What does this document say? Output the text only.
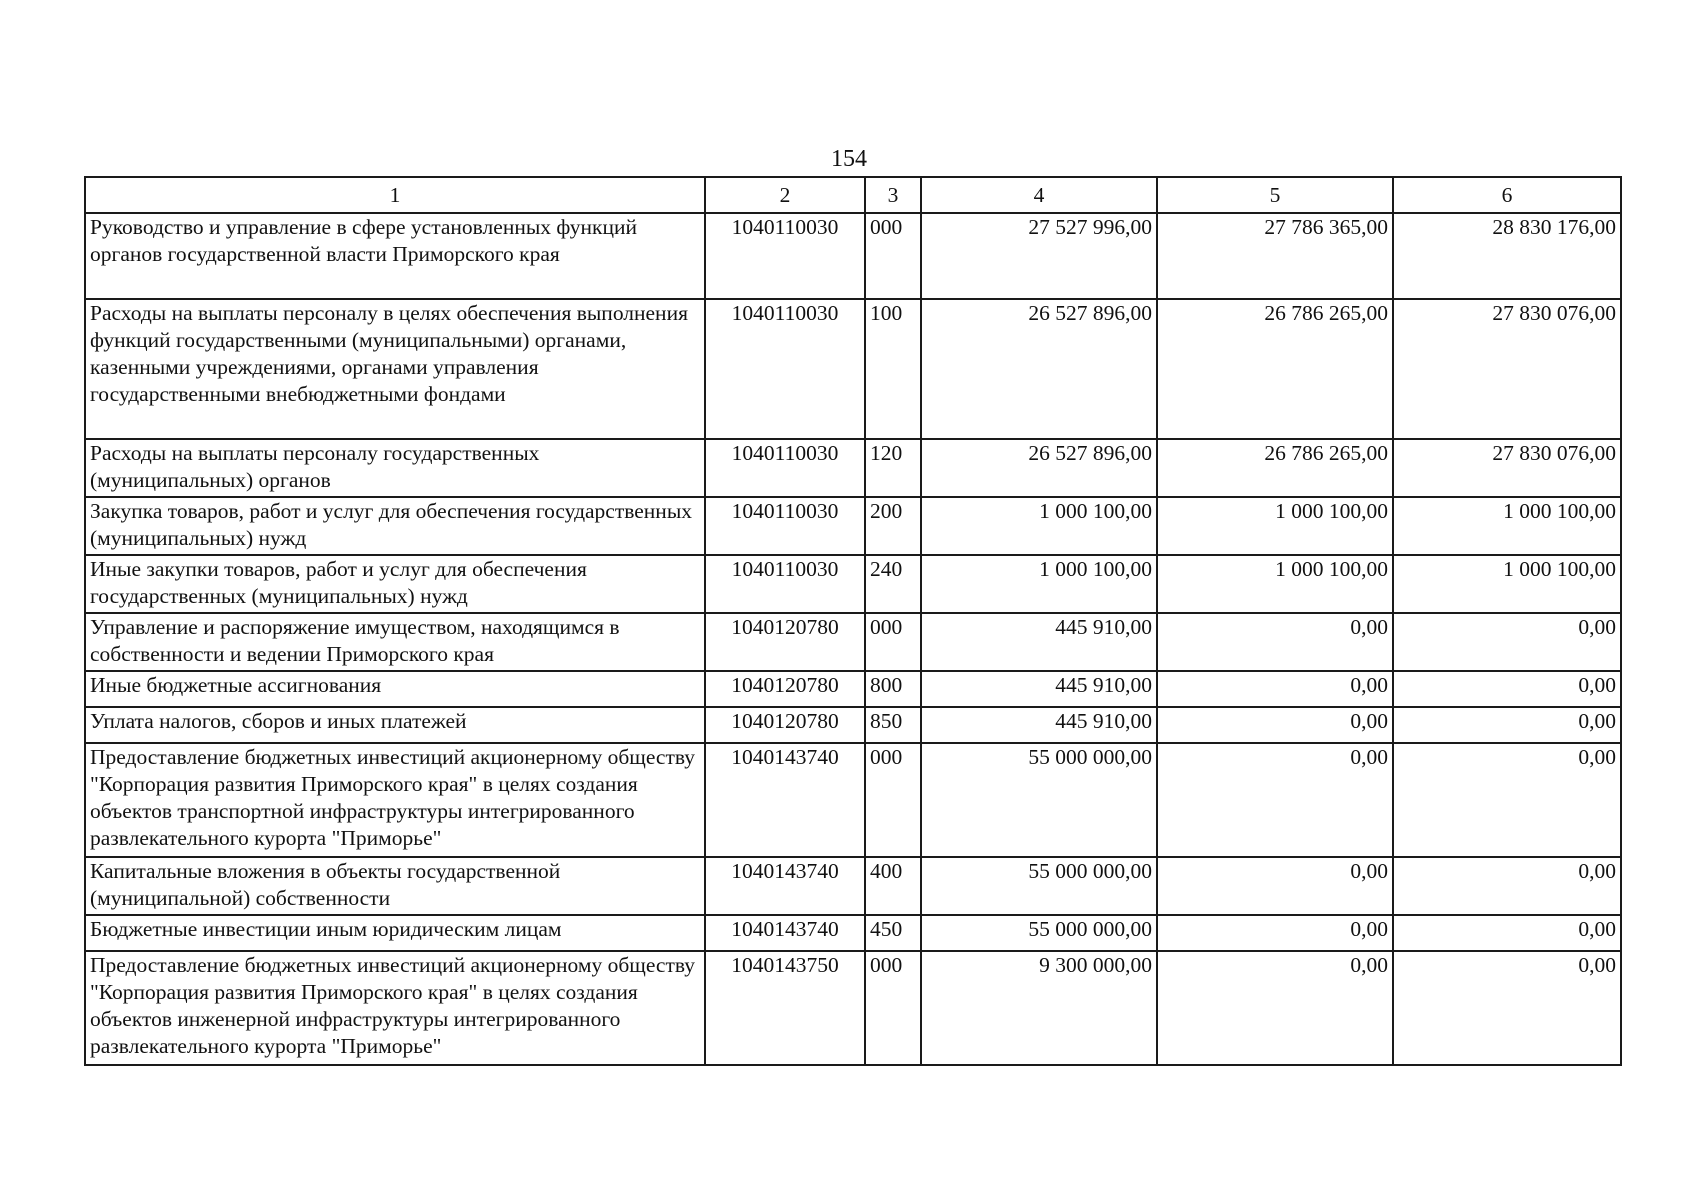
154
1	2	3	4	5	6
Руководство и управление в сфере установленных функций органов государственной власти Приморского края	1040110030	000	27 527 996,00	27 786 365,00	28 830 176,00
Расходы на выплаты персоналу в целях обеспечения выполнения функций государственными (муниципальными) органами, казенными учреждениями, органами управления государственными внебюджетными фондами	1040110030	100	26 527 896,00	26 786 265,00	27 830 076,00
Расходы на выплаты персоналу государственных (муниципальных) органов	1040110030	120	26 527 896,00	26 786 265,00	27 830 076,00
Закупка товаров, работ и услуг для обеспечения государственных (муниципальных) нужд	1040110030	200	1 000 100,00	1 000 100,00	1 000 100,00
Иные закупки товаров, работ и услуг для обеспечения государственных (муниципальных) нужд	1040110030	240	1 000 100,00	1 000 100,00	1 000 100,00
Управление и распоряжение имуществом, находящимся в собственности и ведении Приморского края	1040120780	000	445 910,00	0,00	0,00
Иные бюджетные ассигнования	1040120780	800	445 910,00	0,00	0,00
Уплата налогов, сборов и иных платежей	1040120780	850	445 910,00	0,00	0,00
Предоставление бюджетных инвестиций акционерному обществу "Корпорация развития Приморского края" в целях создания объектов транспортной инфраструктуры интегрированного развлекательного курорта "Приморье"	1040143740	000	55 000 000,00	0,00	0,00
Капитальные вложения в объекты государственной (муниципальной) собственности	1040143740	400	55 000 000,00	0,00	0,00
Бюджетные инвестиции иным юридическим лицам	1040143740	450	55 000 000,00	0,00	0,00
Предоставление бюджетных инвестиций акционерному обществу "Корпорация развития Приморского края" в целях создания объектов инженерной инфраструктуры интегрированного развлекательного курорта "Приморье"	1040143750	000	9 300 000,00	0,00	0,00
